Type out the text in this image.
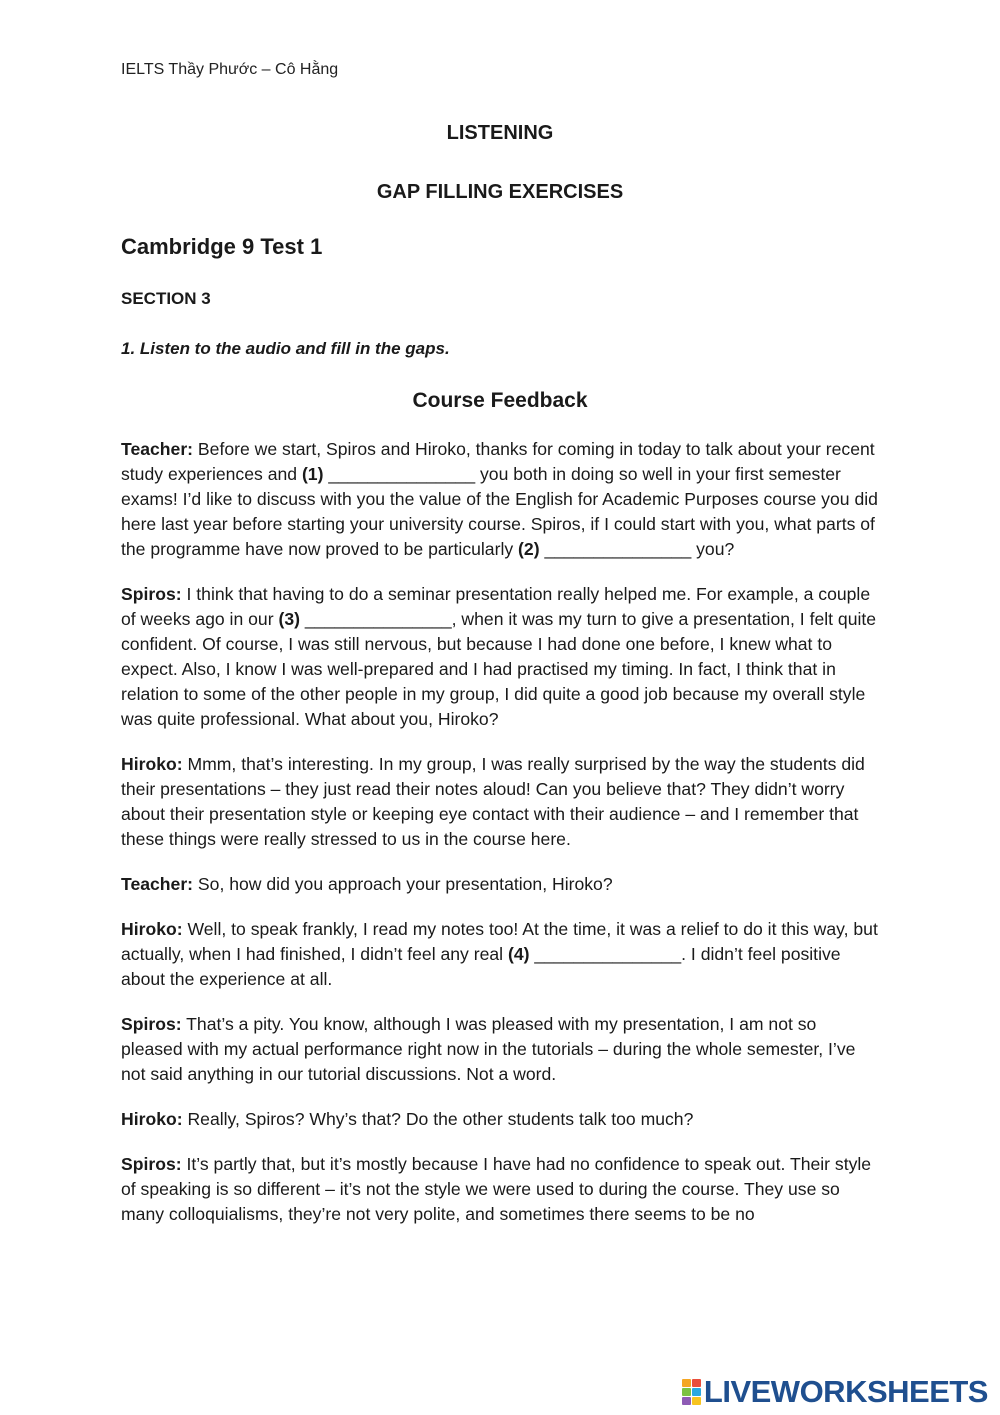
IELTS Thầy Phước – Cô Hằng
LISTENING
GAP FILLING EXERCISES
Cambridge 9 Test 1
SECTION 3
1. Listen to the audio and fill in the gaps.
Course Feedback

Teacher: Before we start, Spiros and Hiroko, thanks for coming in today to talk about your recent study experiences and (1) _______________ you both in doing so well in your first semester exams! I’d like to discuss with you the value of the English for Academic Purposes course you did here last year before starting your university course. Spiros, if I could start with you, what parts of the programme have now proved to be particularly (2) _______________ you?

Spiros: I think that having to do a seminar presentation really helped me. For example, a couple of weeks ago in our (3) _______________, when it was my turn to give a presentation, I felt quite confident. Of course, I was still nervous, but because I had done one before, I knew what to expect. Also, I know I was well-prepared and I had practised my timing. In fact, I think that in relation to some of the other people in my group, I did quite a good job because my overall style was quite professional. What about you, Hiroko?

Hiroko: Mmm, that’s interesting. In my group, I was really surprised by the way the students did their presentations – they just read their notes aloud! Can you believe that? They didn’t worry about their presentation style or keeping eye contact with their audience – and I remember that these things were really stressed to us in the course here.

Teacher: So, how did you approach your presentation, Hiroko?

Hiroko: Well, to speak frankly, I read my notes too! At the time, it was a relief to do it this way, but actually, when I had finished, I didn’t feel any real (4) _______________. I didn’t feel positive about the experience at all.

Spiros: That’s a pity. You know, although I was pleased with my presentation, I am not so pleased with my actual performance right now in the tutorials – during the whole semester, I’ve not said anything in our tutorial discussions. Not a word.

Hiroko: Really, Spiros? Why’s that? Do the other students talk too much?

Spiros: It’s partly that, but it’s mostly because I have had no confidence to speak out. Their style of speaking is so different – it’s not the style we were used to during the course. They use so many colloquialisms, they’re not very polite, and sometimes there seems to be no

LIVEWORKSHEETS
